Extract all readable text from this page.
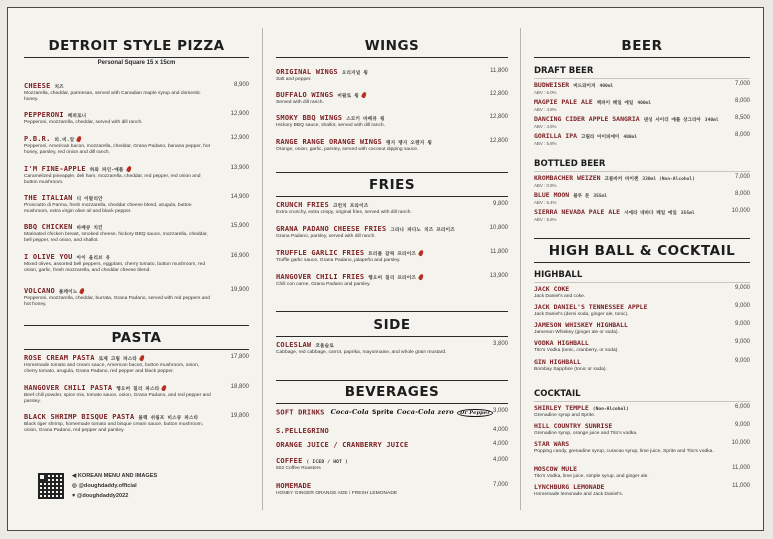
DETROIT STYLE PIZZA
Personal Square 15 x 15cm
CHEESE 치즈	8,900
Mozzarella, cheddar, parmesan, served with Canadian maple syrup and domestic honey.
PEPPERONI 페퍼로니	12,900
Pepperoni, mozzarella, cheddar, served with dill ranch.
P.B.R. 피.비.알	12,900
Pepperoni, American bacon, mozzarella, cheddar, Grana Padano, banana pepper, hot honey, parsley, red onion and dill ranch.
I'M FINE-APPLE 하와 파인-애플	13,900
Caramelized pineapple, deli ham, mozzarella, cheddar, red pepper, red onion and button mushroom.
THE ITALIAN 디 이탈리안	14,900
Prosciutto di Parma, fresh mozzarella, cheddar cheese blend, arugula, button mushroom, extra virgin olive oil and black pepper.
BBQ CHICKEN 바베큐 치킨	15,900
Marinated chicken breast, smoked cheese, hickory BBQ sauce, mozzarella, cheddar, bell pepper, red onion, and shallot.
I OLIVE YOU 아이 올리브 유	16,900
Mixed olives, assorted bell peppers, eggplant, cherry tomato, button mushroom, red onion, garlic, fresh mozzarella, and cheddar cheese blend.
VOLCANO 볼케이노	19,900
Pepperoni, mozzarella, cheddar, burrata, Grana Padano, served with red peppers and hot honey.
PASTA
ROSE CREAM PASTA 로제 크림 파스타	17,800
Homemade tomato and cream sauce, American bacon, button mushroom, onion, cherry tomato, arugula, Grana Padano, red pepper and black pepper.
HANGOVER CHILI PASTA 행오버 칠리 파스타	18,800
Beef chili powder, spice mix, tomato sauce, onion, Grana Padano, and red pepper and parsley.
BLACK SHRIMP BISQUE PASTA 블랙 쉬림프 비스큐 파스타	19,800
Black tiger shrimp, homemade tomato and bisque cream sauce, button mushroom, onion, Grana Padano, red pepper and parsley.
◀ KOREAN MENU AND IMAGES
◎ @doughdaddy.official
♥ @doughdaddy2022
WINGS
ORIGINAL WINGS 오리지널 윙	11,800
Salt and pepper.
BUFFALO WINGS 버팔로 윙	12,800
Served with dill ranch.
SMOKY BBQ WINGS 스모키 바베큐 윙	12,800
Hickory BBQ sauce, shallot, served with dill ranch.
RANGE RANGE ORANGE WINGS 랭지 랭지 오렌지 윙	12,800
Orange, onion, garlic, parsley, served with coconut dipping sauce.
FRIES
CRUNCH FRIES 크런치 프라이즈	9,800
Extra crunchy, extra crispy, original fries, served with dill ranch.
GRANA PADANO CHEESE FRIES 그라나 파다노 치즈 프라이즈	10,800
Grana Padano, parsley, served with dill ranch.
TRUFFLE GARLIC FRIES 트러플 갈릭 프라이즈	11,800
Truffle garlic sauce, Grana Padano, jalapeño and parsley.
HANGOVER CHILI FRIES 행오버 칠리 프라이즈	13,900
Chili con carne, Grana Padano and parsley.
SIDE
COLESLAW 코울슬로	3,800
Cabbage, red cabbage, carrot, paprika, mayonnaise, and whole grain mustard.
BEVERAGES
SOFT DRINKS Coca-Cola Sprite Coca-Cola zero Dr Pepper 3,000
S.PELLEGRINO	4,000
ORANGE JUICE / CRANBERRY JUICE	4,000
COFFEE ( ICED / HOT )	4,000
502 Coffee Roasters
HOMEMADE	7,000
HONEY GINGER ORANGE ADE / FRESH LEMONADE
BEER
DRAFT BEER
BUDWEISER 버드와이저 400ml	7,000
ABV : 5.0%
MAGPIE PALE ALE 맥파이 페일 에일 400ml	8,000
ABV : 4.8%
DANCING CIDER APPLE SANGRIA 댄싱 사이더 애플 상그리아 340ml	8,500
ABV : 4.5%
GORILLA IPA 고릴라 아이피에이 400ml	8,000
ABV : 5.8%
BOTTLED BEER
KROMBACHER WEIZEN 크롬바커 바이젠 330ml (Non-Alcohol)	7,000
ABV : 0.5%
BLUE MOON 블루 문 355ml	8,000
ABV : 5.4%
SIERRA NEVADA PALE ALE 시에라 네바다 페일 에일 355ml	10,000
ABV : 5.6%
HIGH BALL & COCKTAIL
HIGHBALL
JACK COKE	9,000
Jack Daniel's and coke.
JACK DANIEL'S TENNESSEE APPLE	9,000
Jack Daniel's (demi soda, ginger ale, tonic).
JAMESON WHISKEY HIGHBALL	9,000
Jameson Whiskey (ginger ale or soda).
VODKA HIGHBALL	9,000
Tito's Vodka (tonic, cranberry, or soda).
GIN HIGHBALL	9,000
Bombay Sapphire (tonic or soda).
COCKTAIL
SHIRLEY TEMPLE (Non-Alcohol)	6,000
Grenadine syrup and Sprite.
HILL COUNTRY SUNRISE	9,000
Grenadine syrup, orange juice and Tito's vodka.
STAR WARS	10,000
Popping candy, grenadine syrup, curacao syrup, lime juice, Sprite and Tito's vodka.
MOSCOW MULE	11,000
Tito's Vodka, lime juice, simple syrup, and ginger ale.
LYNCHBURG LEMONADE	11,000
Homemade lemonade and Jack Daniel's.
